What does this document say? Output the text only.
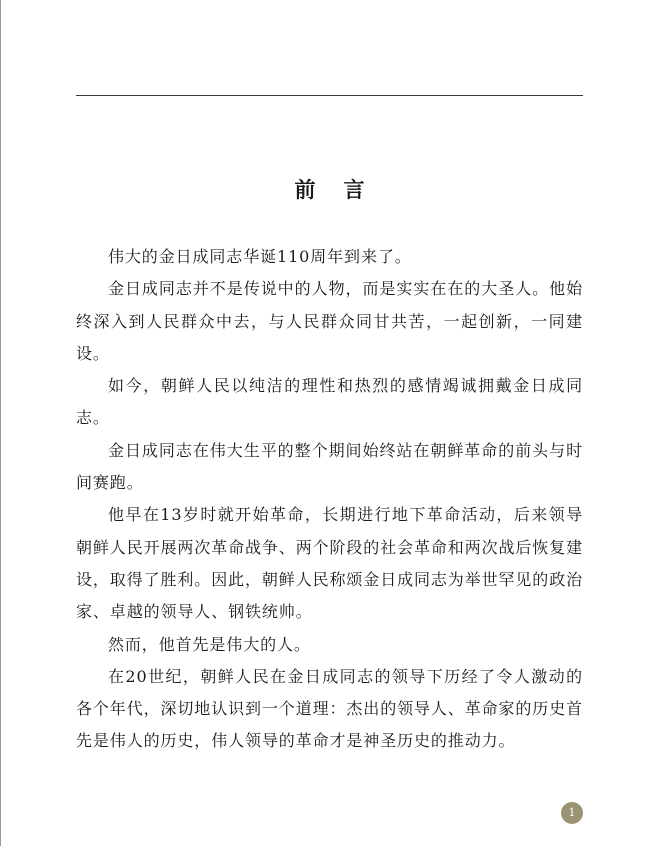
前言

伟大的金日成同志华诞110周年到来了。

金日成同志并不是传说中的人物，而是实实在在的大圣人。他始终深入到人民群众中去，与人民群众同甘共苦，一起创新，一同建设。

如今，朝鲜人民以纯洁的理性和热烈的感情竭诚拥戴金日成同志。

金日成同志在伟大生平的整个期间始终站在朝鲜革命的前头与时间赛跑。

他早在13岁时就开始革命，长期进行地下革命活动，后来领导朝鲜人民开展两次革命战争、两个阶段的社会革命和两次战后恢复建设，取得了胜利。因此，朝鲜人民称颂金日成同志为举世罕见的政治家、卓越的领导人、钢铁统帅。

然而，他首先是伟大的人。

在20世纪，朝鲜人民在金日成同志的领导下历经了令人激动的各个年代，深切地认识到一个道理：杰出的领导人、革命家的历史首先是伟人的历史，伟人领导的革命才是神圣历史的推动力。

1
